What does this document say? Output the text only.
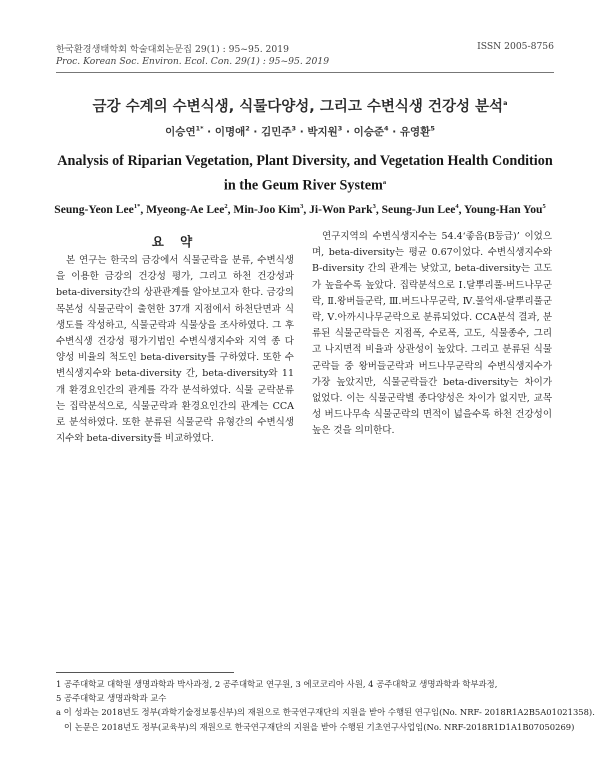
한국환경생태학회 학술대회논문집 29(1) : 95~95. 2019	ISSN 2005-8756
Proc. Korean Soc. Environ. Ecol. Con. 29(1) : 95~95. 2019
금강 수계의 수변식생, 식물다양성, 그리고 수변식생 건강성 분석$^a$
이승연$^{1*}$ · 이명애$^2$ · 김민주$^3$ · 박지원$^3$ · 이승준$^4$ · 유영환$^5$
Analysis of Riparian Vegetation, Plant Diversity, and Vegetation Health Condition in the Geum River System$^a$
Seung-Yeon Lee$^{1*}$, Myeong-Ae Lee$^2$, Min-Joo Kim$^3$, Ji-Won Park$^3$, Seung-Jun Lee$^4$, Young-Han You$^5$
요 약

본 연구는 한국의 금강에서 식물군락을 분류, 수변식생을 이용한 금강의 건강성 평가, 그리고 하천 건강성과 beta-diversity간의 상관관계를 알아보고자 한다. 금강의 목본성 식물군락이 출현한 37개 지점에서 하천단면과 식생도를 작성하고, 식물군락과 식물상을 조사하였다. 그 후 수변식생 건강성 평가기법인 수변식생지수와 지역 종 다양성 비율의 척도인 beta-diversity를 구하였다. 또한 수변식생지수와 beta-diversity 간, beta-diversity와 11개 환경요인간의 관계를 각각 분석하였다. 식물 군락분류는 집락분석으로, 식물군락과 환경요인간의 관계는 CCA로 분석하였다. 또한 분류된 식물군락 유형간의 수변식생지수와 beta-diversity를 비교하였다.

연구지역의 수변식생지수는 54.4‘좋음(B등급)’ 이었으며, beta-diversity는 평균 0.67이었다. 수변식생지수와 B-diversity 간의 관계는 낮았고, beta-diversity는 고도가 높을수록 높았다. 집락분석으로 Ⅰ.달뿌리풀-버드나무군락, Ⅱ.왕버들군락, Ⅲ.버드나무군락, Ⅳ.물억새-달뿌리풀군락, Ⅴ.아까시나무군락으로 분류되었다. CCA분석 결과, 분류된 식물군락들은 지점폭, 수로폭, 고도, 식물종수, 그리고 나지면적 비율과 상관성이 높았다. 그리고 분류된 식물군락들 중 왕버들군락과 버드나무군락의 수변식생지수가 가장 높았지만, 식물군락들간 beta-diversity는 차이가 없었다. 이는 식물군락별 종다양성은 차이가 없지만, 교목성 버드나무속 식물군락의 면적이 넓을수록 하천 건강성이 높은 것을 의미한다.

1 공주대학교 대학원 생명과학과 박사과정, 2 공주대학교 연구원, 3 에코코리아 사원, 4 공주대학교 생명과학과 학부과정,
5 공주대학교 생명과학과 교수
a 이 성과는 2018년도 정부(과학기술정보통신부)의 재원으로 한국연구재단의 지원을 받아 수행된 연구임(No. NRF- 2018R1A2B5A01021358).
이 논문은 2018년도 정부(교육부)의 재원으로 한국연구재단의 지원을 받아 수행된 기초연구사업임(No. NRF-2018R1D1A1B07050269)
